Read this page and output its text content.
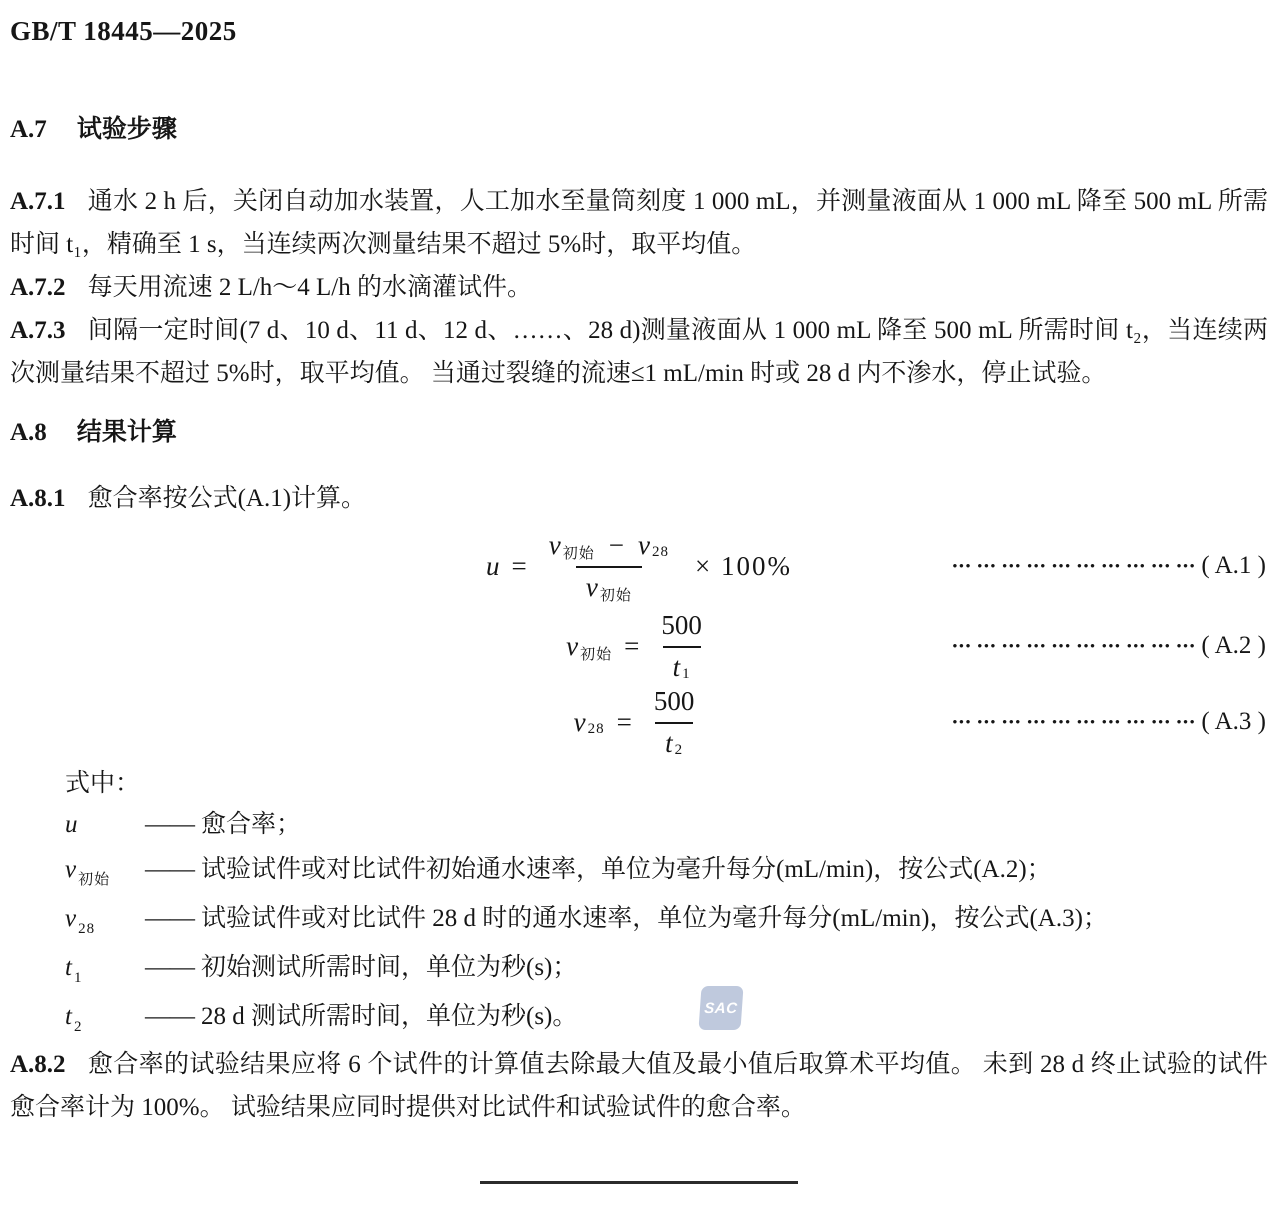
GB/T 18445—2025
A.7 试验步骤

A.7.1 通水 2 h 后，关闭自动加水装置，人工加水至量筒刻度 1 000 mL，并测量液面从 1 000 mL 降至 500 mL 所需时间 t₁，精确至 1 s，当连续两次测量结果不超过 5%时，取平均值。

A.7.2 每天用流速 2 L/h～4 L/h 的水滴灌试件。

A.7.3 间隔一定时间(7 d、10 d、11 d、12 d、……、28 d)测量液面从 1 000 mL 降至 500 mL 所需时间 t₂，当连续两次测量结果不超过 5%时，取平均值。 当通过裂缝的流速≤1 mL/min 时或 28 d 内不渗水，停止试验。

A.8 结果计算

A.8.1 愈合率按公式(A.1)计算。

$u = \frac{\text{v 初始 − v 28}}{\text{v 初始}} \times 100\%$	••• ••• ••• ••• ••• ••• ••• ••• ••• ••• ( A.1 )
v 初始 = $\frac{500}{t 1}$	••• ••• ••• ••• ••• ••• ••• ••• ••• ••• ( A.2 )
v $28 = \frac{500}{t 2}$	••• ••• ••• ••• ••• ••• ••• ••• ••• ••• ( A.3 )
式中：
u	—— 愈合率；
v 初始	—— 试验试件或对比试件初始通水速率，单位为毫升每分(mL/min)，按公式(A.2)；
v 28	—— 试验试件或对比试件 28 d 时的通水速率，单位为毫升每分(mL/min)，按公式(A.3)；
t 1	—— 初始测试所需时间，单位为秒(s)；
t 2	—— 28 d 测试所需时间，单位为秒(s)。

A.8.2 愈合率的试验结果应将 6 个试件的计算值去除最大值及最小值后取算术平均值。 未到 28 d 终止试验的试件愈合率计为 100%。 试验结果应同时提供对比试件和试验试件的愈合率。

SAC
